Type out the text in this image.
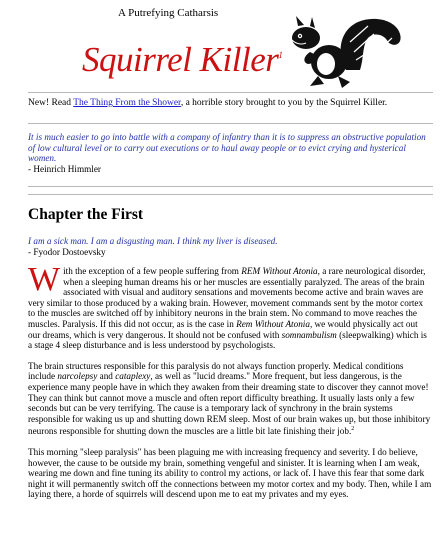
A Putrefying Catharsis
Squirrel Killer$^1$
New! Read The Thing From the Shower, a horrible story brought to you by the Squirrel Killer.
It is much easier to go into battle with a company of infantry than it is to suppress an obstructive population of low cultural level or to carry out executions or to haul away people or to evict crying and hysterical women.
- Heinrich Himmler
Chapter the First
I am a sick man. I am a disgusting man. I think my liver is diseased.
- Fyodor Dostoevsky

With the exception of a few people suffering from REM Without Atonia, a rare neurological disorder, when a sleeping human dreams his or her muscles are essentially paralyzed. The areas of the brain associated with visual and auditory sensations and movements become active and brain waves are very similar to those produced by a waking brain. However, movement commands sent by the motor cortex to the muscles are switched off by inhibitory neurons in the brain stem. No command to move reaches the muscles. Paralysis. If this did not occur, as is the case in Rem Without Atonia, we would physically act out our dreams, which is very dangerous. It should not be confused with somnambulism (sleepwalking) which is a stage 4 sleep disturbance and is less understood by psychologists.

The brain structures responsible for this paralysis do not always function properly. Medical conditions include narcolepsy and cataplexy, as well as "lucid dreams." More frequent, but less dangerous, is the experience many people have in which they awaken from their dreaming state to discover they cannot move! They can think but cannot move a muscle and often report difficulty breathing. It usually lasts only a few seconds but can be very terrifying. The cause is a temporary lack of synchrony in the brain systems responsible for waking us up and shutting down REM sleep. Most of our brain wakes up, but those inhibitory neurons responsible for shutting down the muscles are a little bit late finishing their job.$^2$

This morning "sleep paralysis" has been plaguing me with increasing frequency and severity. I do believe, however, the cause to be outside my brain, something vengeful and sinister. It is learning when I am weak, wearing me down and fine tuning its ability to control my actions, or lack of. I have this fear that some dark night it will permanently switch off the connections between my motor cortex and my body. Then, while I am laying there, a horde of squirrels will descend upon me to eat my privates and my eyes.
